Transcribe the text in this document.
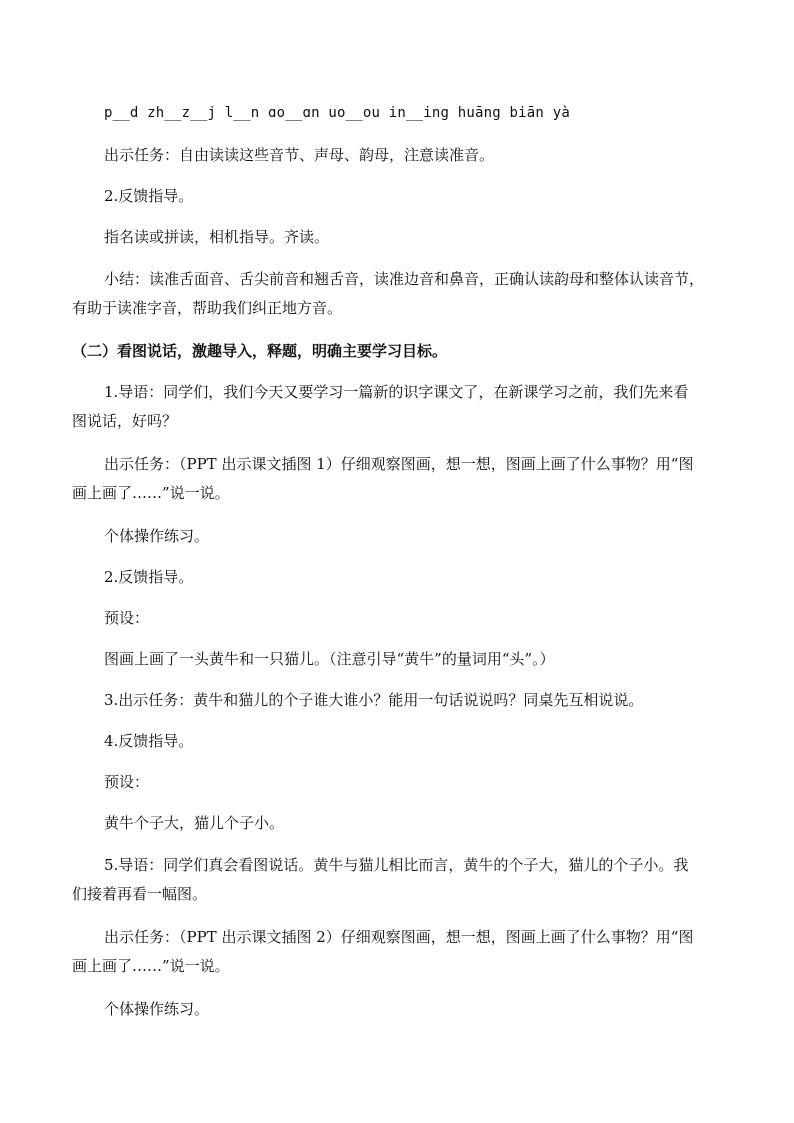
p__d zh__z__j l__n ɑo__ɑn uo__ou in__ing huāng biān yà
出示任务：自由读读这些音节、声母、韵母，注意读准音。
2.反馈指导。
指名读或拼读，相机指导。齐读。
小结：读准舌面音、舌尖前音和翘舌音，读准边音和鼻音，正确认读韵母和整体认读音节，
有助于读准字音，帮助我们纠正地方音。
（二）看图说话，激趣导入，释题，明确主要学习目标。
1.导语：同学们，我们今天又要学习一篇新的识字课文了，在新课学习之前，我们先来看
图说话，好吗？
出示任务：（PPT 出示课文插图 1）仔细观察图画，想一想，图画上画了什么事物？用“图
画上画了……”说一说。
个体操作练习。
2.反馈指导。
预设：
图画上画了一头黄牛和一只猫儿。（注意引导“黄牛”的量词用“头”。）
3.出示任务：黄牛和猫儿的个子谁大谁小？能用一句话说说吗？同桌先互相说说。
4.反馈指导。
预设：
黄牛个子大，猫儿个子小。
5.导语：同学们真会看图说话。黄牛与猫儿相比而言，黄牛的个子大，猫儿的个子小。我
们接着再看一幅图。
出示任务：（PPT 出示课文插图 2）仔细观察图画，想一想，图画上画了什么事物？用“图
画上画了……”说一说。
个体操作练习。
